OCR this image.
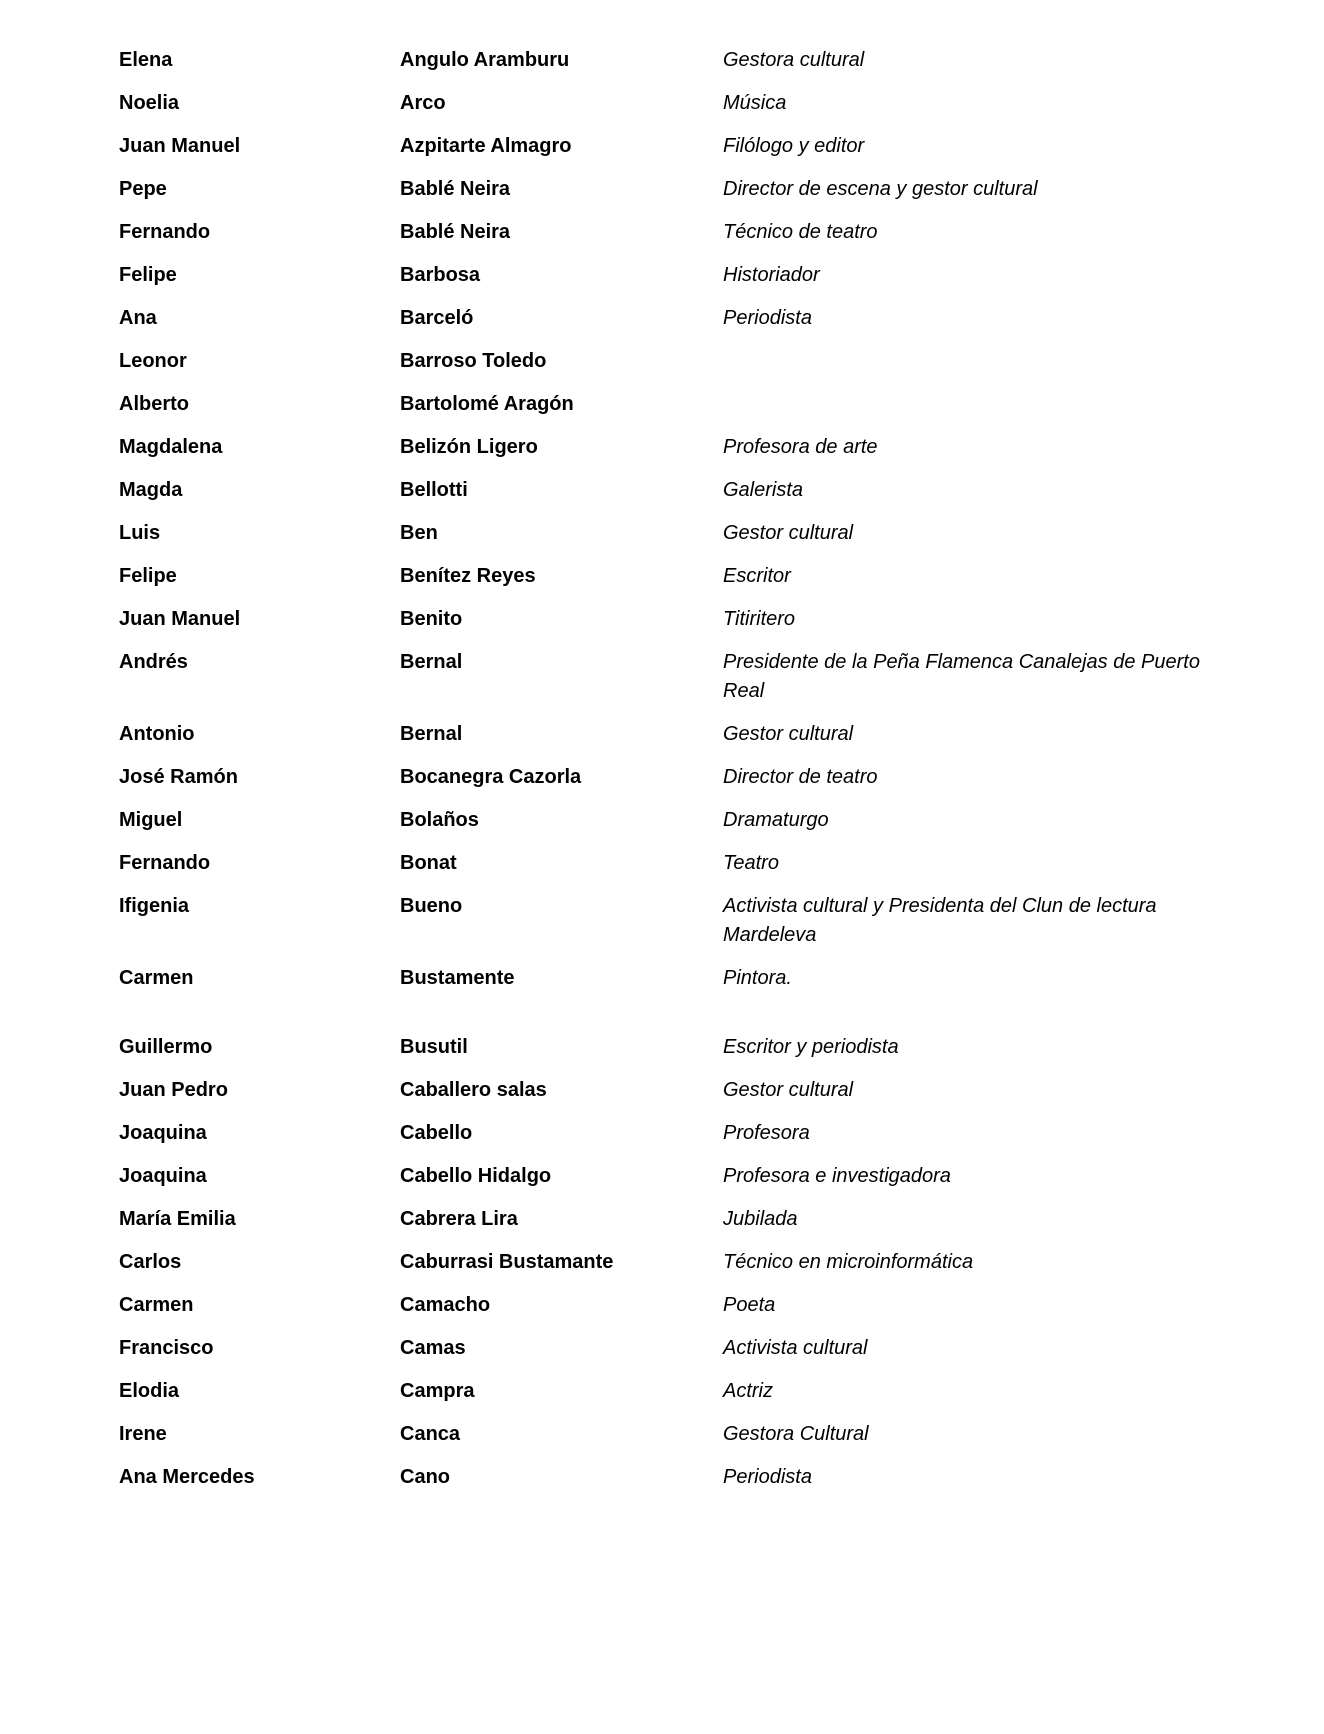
Elena	Angulo Aramburu	Gestora cultural
Noelia	Arco	Música
Juan Manuel	Azpitarte Almagro	Filólogo y editor
Pepe	Bablé Neira	Director de escena y gestor cultural
Fernando	Bablé Neira	Técnico de teatro
Felipe	Barbosa	Historiador
Ana	Barceló	Periodista
Leonor	Barroso Toledo
Alberto	Bartolomé Aragón
Magdalena	Belizón Ligero	Profesora de arte
Magda	Bellotti	Galerista
Luis	Ben	Gestor cultural
Felipe	Benítez Reyes	Escritor
Juan Manuel	Benito	Titiritero
Andrés	Bernal	Presidente de la Peña Flamenca Canalejas de Puerto Real
Antonio	Bernal	Gestor cultural
José Ramón	Bocanegra Cazorla	Director de teatro
Miguel	Bolaños	Dramaturgo
Fernando	Bonat	Teatro
Ifigenia	Bueno	Activista cultural y Presidenta del Clun de lectura Mardeleva
Carmen	Bustamente	Pintora.
Guillermo	Busutil	Escritor y periodista
Juan Pedro	Caballero salas	Gestor cultural
Joaquina	Cabello	Profesora
Joaquina	Cabello Hidalgo	Profesora e investigadora
María Emilia	Cabrera Lira	Jubilada
Carlos	Caburrasi Bustamante	Técnico en microinformática
Carmen	Camacho	Poeta
Francisco	Camas	Activista cultural
Elodia	Campra	Actriz
Irene	Canca	Gestora Cultural
Ana Mercedes	Cano	Periodista
